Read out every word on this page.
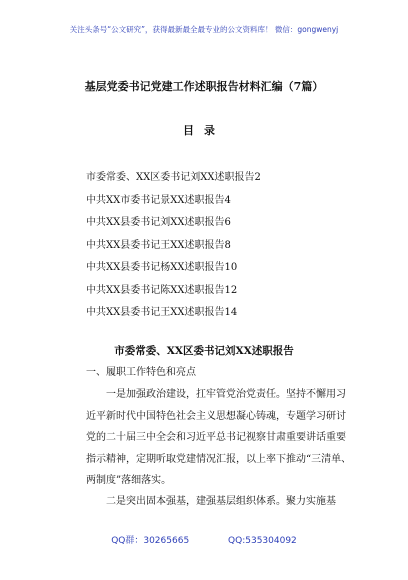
关注头条号“公文研究”，获得最新最全最专业的公文资料库！ 微信：gongwenyj
基层党委书记党建工作述职报告材料汇编（7篇）
目录
市委常委、XX区委书记刘XX述职报告2
中共XX市委书记景XX述职报告4
中共XX县委书记刘XX述职报告6
中共XX县委书记王XX述职报告8
中共XX县委书记杨XX述职报告10
中共XX县委书记陈XX述职报告12
中共XX县委书记王XX述职报告14
市委常委、XX区委书记刘XX述职报告

一、履职工作特色和亮点

一是加强政治建设，扛牢管党治党责任。坚持不懈用习近平新时代中国特色社会主义思想凝心铸魂，专题学习研讨党的二十届三中全会和习近平总书记视察甘肃重要讲话重要指示精神，定期听取党建情况汇报，以上率下推动“三清单、两制度”落细落实。

二是突出固本强基，建强基层组织体系。聚力实施基

QQ群：30265665	QQ:535304092
